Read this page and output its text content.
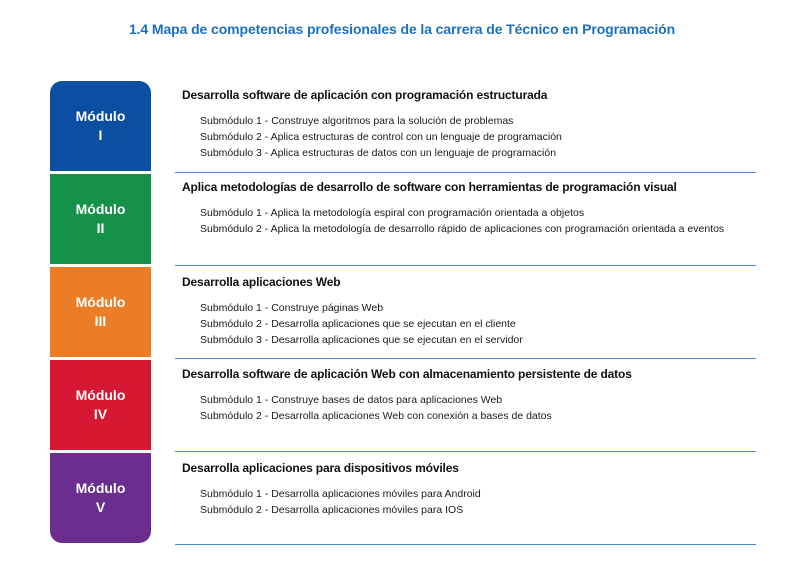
1.4 Mapa de competencias profesionales de la carrera de Técnico en Programación
Módulo
I
Desarrolla software de aplicación con programación estructurada
Submódulo 1 - Construye algoritmos para la solución de problemas
Submódulo 2 - Aplica estructuras de control con un lenguaje de programación
Submódulo 3 - Aplica estructuras de datos con un lenguaje de programación
Módulo
II
Aplica metodologías de desarrollo de software con herramientas de programación visual
Submódulo 1 - Aplica la metodología espiral con programación orientada a objetos
Submódulo 2 - Aplica la metodología de desarrollo rápido de aplicaciones con programación orientada a eventos
Módulo
III
Desarrolla aplicaciones Web
Submódulo 1 - Construye páginas Web
Submódulo 2 - Desarrolla aplicaciones que se ejecutan en el cliente
Submódulo 3 - Desarrolla aplicaciones que se ejecutan en el servidor
Módulo
IV
Desarrolla software de aplicación Web con almacenamiento persistente de datos
Submódulo 1 - Construye bases de datos para aplicaciones Web
Submódulo 2 - Desarrolla aplicaciones Web con conexión a bases de datos
Módulo
V
Desarrolla aplicaciones para dispositivos móviles
Submódulo 1 - Desarrolla aplicaciones móviles para Android
Submódulo 2 - Desarrolla aplicaciones móviles para IOS
